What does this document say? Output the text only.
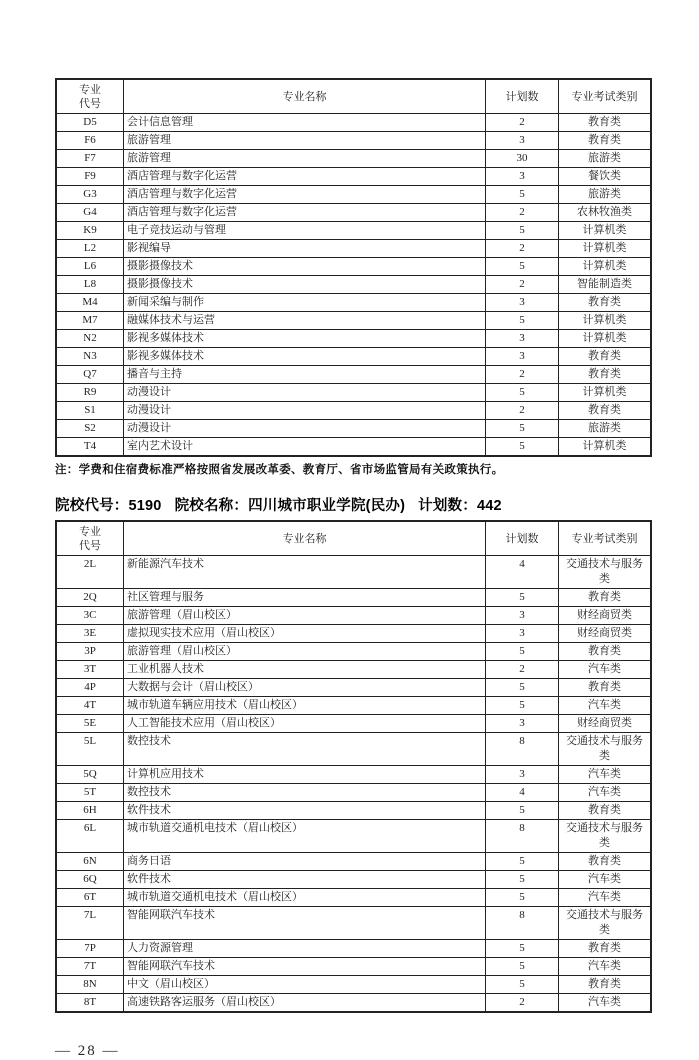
专业
代号	专业名称	计划数	专业考试类别
D5	会计信息管理	2	教育类
F6	旅游管理	3	教育类
F7	旅游管理	30	旅游类
F9	酒店管理与数字化运营	3	餐饮类
G3	酒店管理与数字化运营	5	旅游类
G4	酒店管理与数字化运营	2	农林牧渔类
K9	电子竞技运动与管理	5	计算机类
L2	影视编导	2	计算机类
L6	摄影摄像技术	5	计算机类
L8	摄影摄像技术	2	智能制造类
M4	新闻采编与制作	3	教育类
M7	融媒体技术与运营	5	计算机类
N2	影视多媒体技术	3	计算机类
N3	影视多媒体技术	3	教育类
Q7	播音与主持	2	教育类
R9	动漫设计	5	计算机类
S1	动漫设计	2	教育类
S2	动漫设计	5	旅游类
T4	室内艺术设计	5	计算机类
注：学费和住宿费标准严格按照省发展改革委、教育厅、省市场监管局有关政策执行。
院校代号：5190 院校名称：四川城市职业学院(民办) 计划数：442
专业
代号	专业名称	计划数	专业考试类别
2L	新能源汽车技术	4	交通技术与服务类
2Q	社区管理与服务	5	教育类
3C	旅游管理（眉山校区）	3	财经商贸类
3E	虚拟现实技术应用（眉山校区）	3	财经商贸类
3P	旅游管理（眉山校区）	5	教育类
3T	工业机器人技术	2	汽车类
4P	大数据与会计（眉山校区）	5	教育类
4T	城市轨道车辆应用技术（眉山校区）	5	汽车类
5E	人工智能技术应用（眉山校区）	3	财经商贸类
5L	数控技术	8	交通技术与服务类
5Q	计算机应用技术	3	汽车类
5T	数控技术	4	汽车类
6H	软件技术	5	教育类
6L	城市轨道交通机电技术（眉山校区）	8	交通技术与服务类
6N	商务日语	5	教育类
6Q	软件技术	5	汽车类
6T	城市轨道交通机电技术（眉山校区）	5	汽车类
7L	智能网联汽车技术	8	交通技术与服务类
7P	人力资源管理	5	教育类
7T	智能网联汽车技术	5	汽车类
8N	中文（眉山校区）	5	教育类
8T	高速铁路客运服务（眉山校区）	2	汽车类
— 28 —
